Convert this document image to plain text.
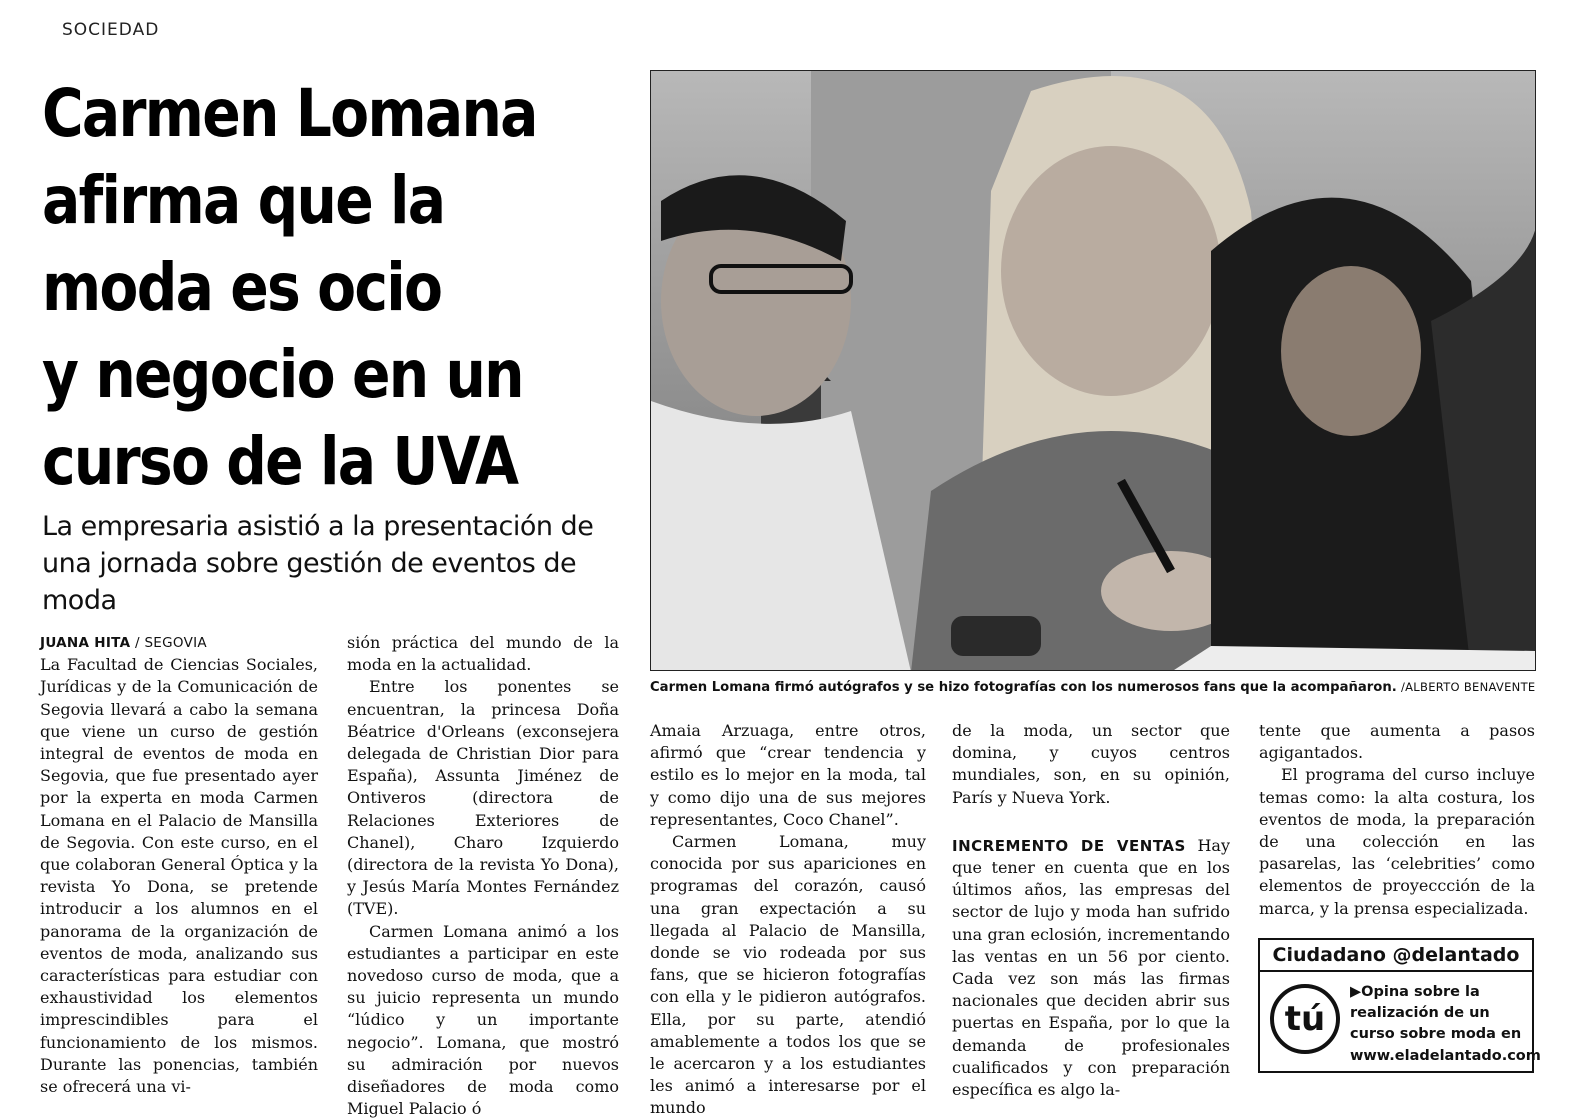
SOCIEDAD
Carmen Lomana
afirma que la
moda es ocio
y negocio en un
curso de la UVA
La empresaria asistió a la presentación de una jornada sobre gestión de eventos de moda
Carmen Lomana firmó autógrafos y se hizo fotografías con los numerosos fans que la acompañaron. /ALBERTO BENAVENTE
JUANA HITA / SEGOVIA

La Facultad de Ciencias Sociales, Jurídicas y de la Comunicación de Segovia llevará a cabo la semana que viene un curso de gestión integral de eventos de moda en Segovia, que fue presentado ayer por la experta en moda Carmen Lomana en el Palacio de Mansilla de Segovia. Con este curso, en el que colaboran General Óptica y la revista Yo Dona, se pretende introducir a los alumnos en el panorama de la organización de eventos de moda, analizando sus características para estudiar con exhaustividad los elementos imprescindibles para el funcionamiento de los mismos. Durante las ponencias, también se ofrecerá una vi-

sión práctica del mundo de la moda en la actualidad.

Entre los ponentes se encuentran, la princesa Doña Béatrice d'Orleans (exconsejera delegada de Christian Dior para España), Assunta Jiménez de Ontiveros (directora de Relaciones Exteriores de Chanel), Charo Izquierdo (directora de la revista Yo Dona), y Jesús María Montes Fernández (TVE).

Carmen Lomana animó a los estudiantes a participar en este novedoso curso de moda, que a su juicio representa un mundo “lúdico y un importante negocio”. Lomana, que mostró su admiración por nuevos diseñadores de moda como Miguel Palacio ó

Amaia Arzuaga, entre otros, afirmó que “crear tendencia y estilo es lo mejor en la moda, tal y como dijo una de sus mejores representantes, Coco Chanel”.

Carmen Lomana, muy conocida por sus apariciones en programas del corazón, causó una gran expectación a su llegada al Palacio de Mansilla, donde se vio rodeada por sus fans, que se hicieron fotografías con ella y le pidieron autógrafos. Ella, por su parte, atendió amablemente a todos los que se le acercaron y a los estudiantes les animó a interesarse por el mundo

de la moda, un sector que domina, y cuyos centros mundiales, son, en su opinión, París y Nueva York.

INCREMENTO DE VENTAS Hay que tener en cuenta que en los últimos años, las empresas del sector de lujo y moda han sufrido una gran eclosión, incrementando las ventas en un 56 por ciento. Cada vez son más las firmas nacionales que deciden abrir sus puertas en España, por lo que la demanda de profesionales cualificados y con preparación específica es algo la-

tente que aumenta a pasos agigantados.

El programa del curso incluye temas como: la alta costura, los eventos de moda, la preparación de una colección en las pasarelas, las ‘celebrities’ como elementos de proyeccción de la marca, y la prensa especializada.

Ciudadano @delantado
tú
▶Opina sobre la realización de un curso sobre moda en
www.eladelantado.com
